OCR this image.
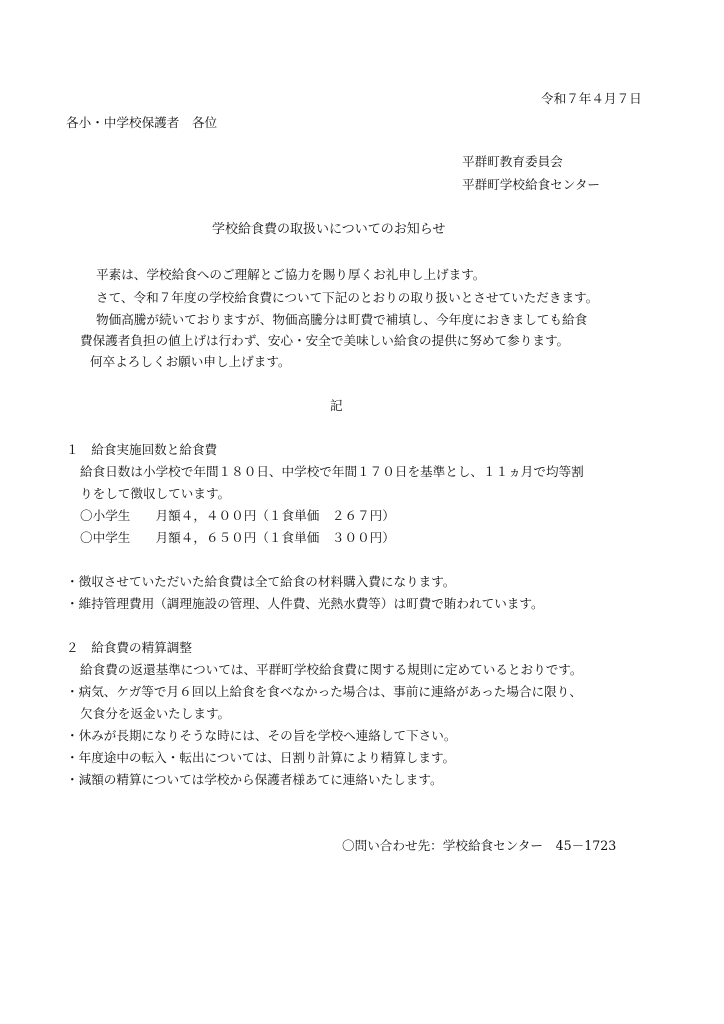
令和７年４月７日
各小・中学校保護者　各位
平群町教育委員会
平群町学校給食センター
学校給食費の取扱いについてのお知らせ
平素は、学校給食へのご理解とご協力を賜り厚くお礼申し上げます。
さて、令和７年度の学校給食費について下記のとおりの取り扱いとさせていただきます。
物価高騰が続いておりますが、物価高騰分は町費で補填し、今年度におきましても給食
費保護者負担の値上げは行わず、安心・安全で美味しい給食の提供に努めて参ります。
何卒よろしくお願い申し上げます。
記
１　給食実施回数と給食費
給食日数は小学校で年間１８０日、中学校で年間１７０日を基準とし、１１ヵ月で均等割
りをして徴収しています。
〇小学生　　月額４，４００円（１食単価　２６７円）
〇中学生　　月額４，６５０円（１食単価　３００円）
・徴収させていただいた給食費は全て給食の材料購入費になります。
・維持管理費用（調理施設の管理、人件費、光熱水費等）は町費で賄われています。
２　給食費の精算調整
給食費の返還基準については、平群町学校給食費に関する規則に定めているとおりです。
・病気、ケガ等で月６回以上給食を食べなかった場合は、事前に連絡があった場合に限り、
欠食分を返金いたします。
・休みが長期になりそうな時には、その旨を学校へ連絡して下さい。
・年度途中の転入・転出については、日割り計算により精算します。
・減額の精算については学校から保護者様あてに連絡いたします。
〇問い合わせ先：学校給食センター　45－1723
